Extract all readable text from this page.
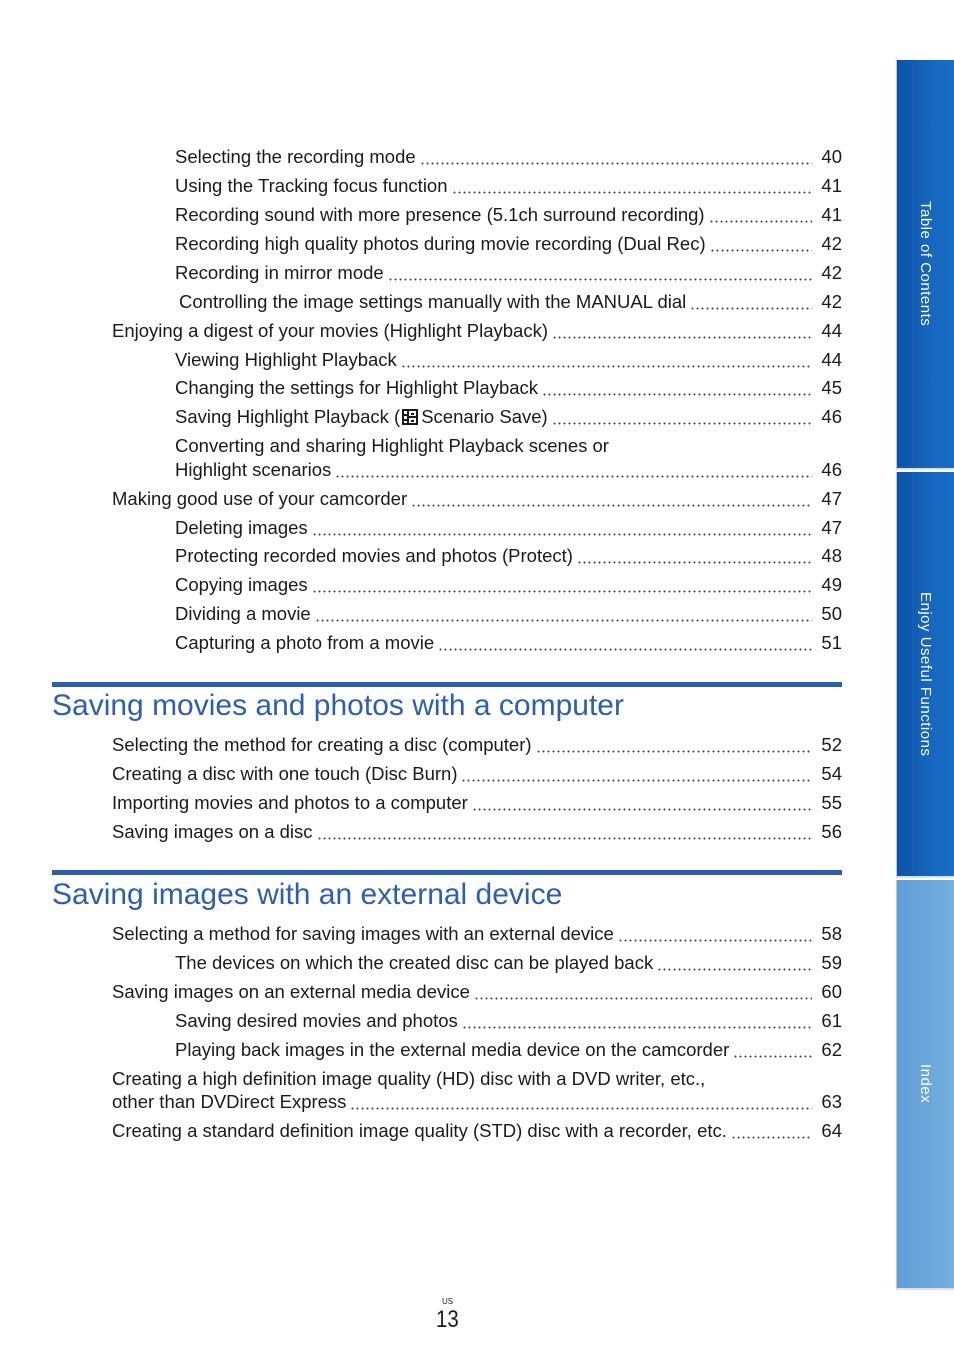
Selecting the recording mode	40
Using the Tracking focus function	41
Recording sound with more presence (5.1ch surround recording)	41
Recording high quality photos during movie recording (Dual Rec)	42
Recording in mirror mode	42
Controlling the image settings manually with the MANUAL dial	42
Enjoying a digest of your movies (Highlight Playback)	44
Viewing Highlight Playback	44
Changing the settings for Highlight Playback	45
Saving Highlight Playback ( Scenario Save)	46
Converting and sharing Highlight Playback scenes or
Highlight scenarios	46
Making good use of your camcorder	47
Deleting images	47
Protecting recorded movies and photos (Protect)	48
Copying images	49
Dividing a movie	50
Capturing a photo from a movie	51
Saving movies and photos with a computer
Selecting the method for creating a disc (computer)	52
Creating a disc with one touch (Disc Burn)	54
Importing movies and photos to a computer	55
Saving images on a disc	56
Saving images with an external device
Selecting a method for saving images with an external device	58
The devices on which the created disc can be played back	59
Saving images on an external media device	60
Saving desired movies and photos	61
Playing back images in the external media device on the camcorder	62
Creating a high definition image quality (HD) disc with a DVD writer, etc.,
other than DVDirect Express	63
Creating a standard definition image quality (STD) disc with a recorder, etc.	64
Table of Contents
Enjoy Useful Functions
Index
US
13
